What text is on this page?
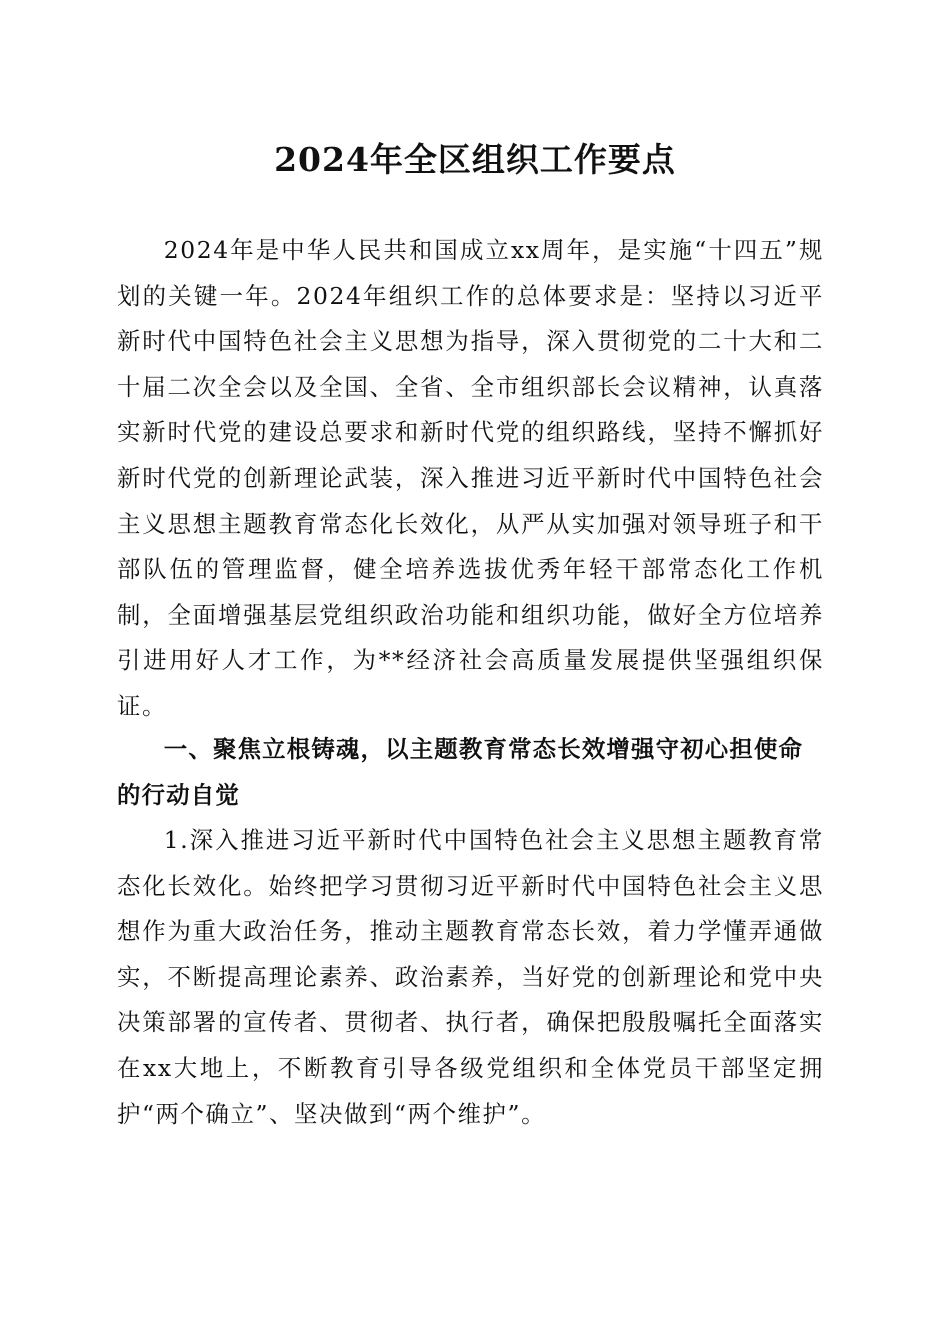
2024年全区组织工作要点

2024年是中华人民共和国成立xx周年，是实施“十四五”规划的关键一年。2024年组织工作的总体要求是：坚持以习近平新时代中国特色社会主义思想为指导，深入贯彻党的二十大和二十届二次全会以及全国、全省、全市组织部长会议精神，认真落实新时代党的建设总要求和新时代党的组织路线，坚持不懈抓好新时代党的创新理论武装，深入推进习近平新时代中国特色社会主义思想主题教育常态化长效化，从严从实加强对领导班子和干部队伍的管理监督，健全培养选拔优秀年轻干部常态化工作机制，全面增强基层党组织政治功能和组织功能，做好全方位培养引进用好人才工作，为**经济社会高质量发展提供坚强组织保证。

一、聚焦立根铸魂，以主题教育常态长效增强守初心担使命的行动自觉

1.深入推进习近平新时代中国特色社会主义思想主题教育常态化长效化。始终把学习贯彻习近平新时代中国特色社会主义思想作为重大政治任务，推动主题教育常态长效，着力学懂弄通做实，不断提高理论素养、政治素养，当好党的创新理论和党中央决策部署的宣传者、贯彻者、执行者，确保把殷殷嘱托全面落实在xx大地上，不断教育引导各级党组织和全体党员干部坚定拥护“两个确立”、坚决做到“两个维护”。
